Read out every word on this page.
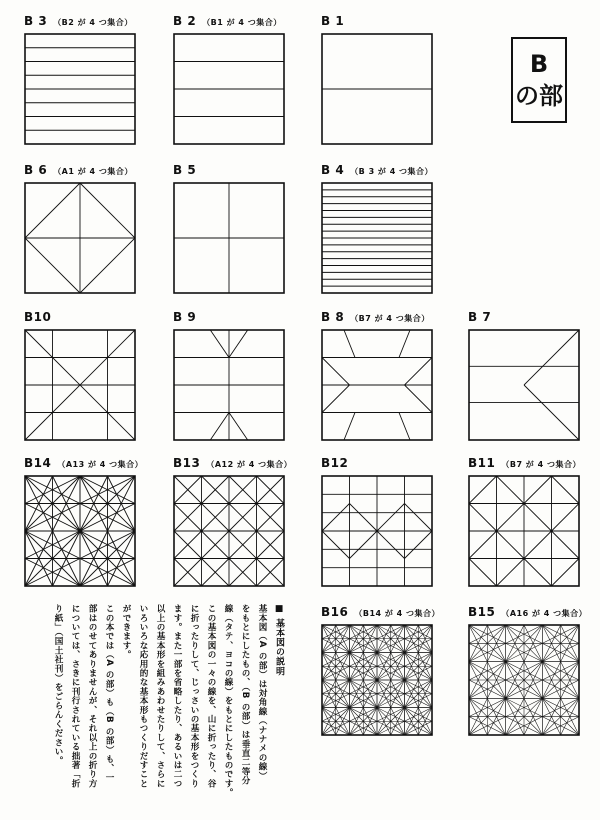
B
の部
B 3 （B2 が 4 つ集合）	B 2 （B1 が 4 つ集合）	B 1
B 6 （A1 が 4 つ集合）	B 5	B 4 （B 3 が 4 つ集合）
B10	B 9	B 8 （B7 が 4 つ集合）	B 7
B14 （A13 が 4 つ集合） B13 （A12 が 4 つ集合） B12	B11 （B7 が 4 つ集合）
B16 （B14 が 4 つ集合） B15 （A16 が 4 つ集合）

■ 基本図の説明

基本図（A の部）は対角線（ナナメの線）

をもとにしたもの、（B の部）は垂直二等分

線（タテ、ヨコの線）をもとにしたものです。

この基本図の一々の線を、山に折ったり、谷

に折ったりして、じっさいの基本形をつくり

ます。また一部を省略したり、あるいは二つ

以上の基本形を組みあわせたりして、さらに

いろいろな応用的な基本形もつくりだすこと

ができます。

この本では（A の部）も（B の部）も、一

部はのせてありませんが、それ以上の折り方

については、さきに刊行されている拙著「折

り紙」（国土社刊）をごらんください。
